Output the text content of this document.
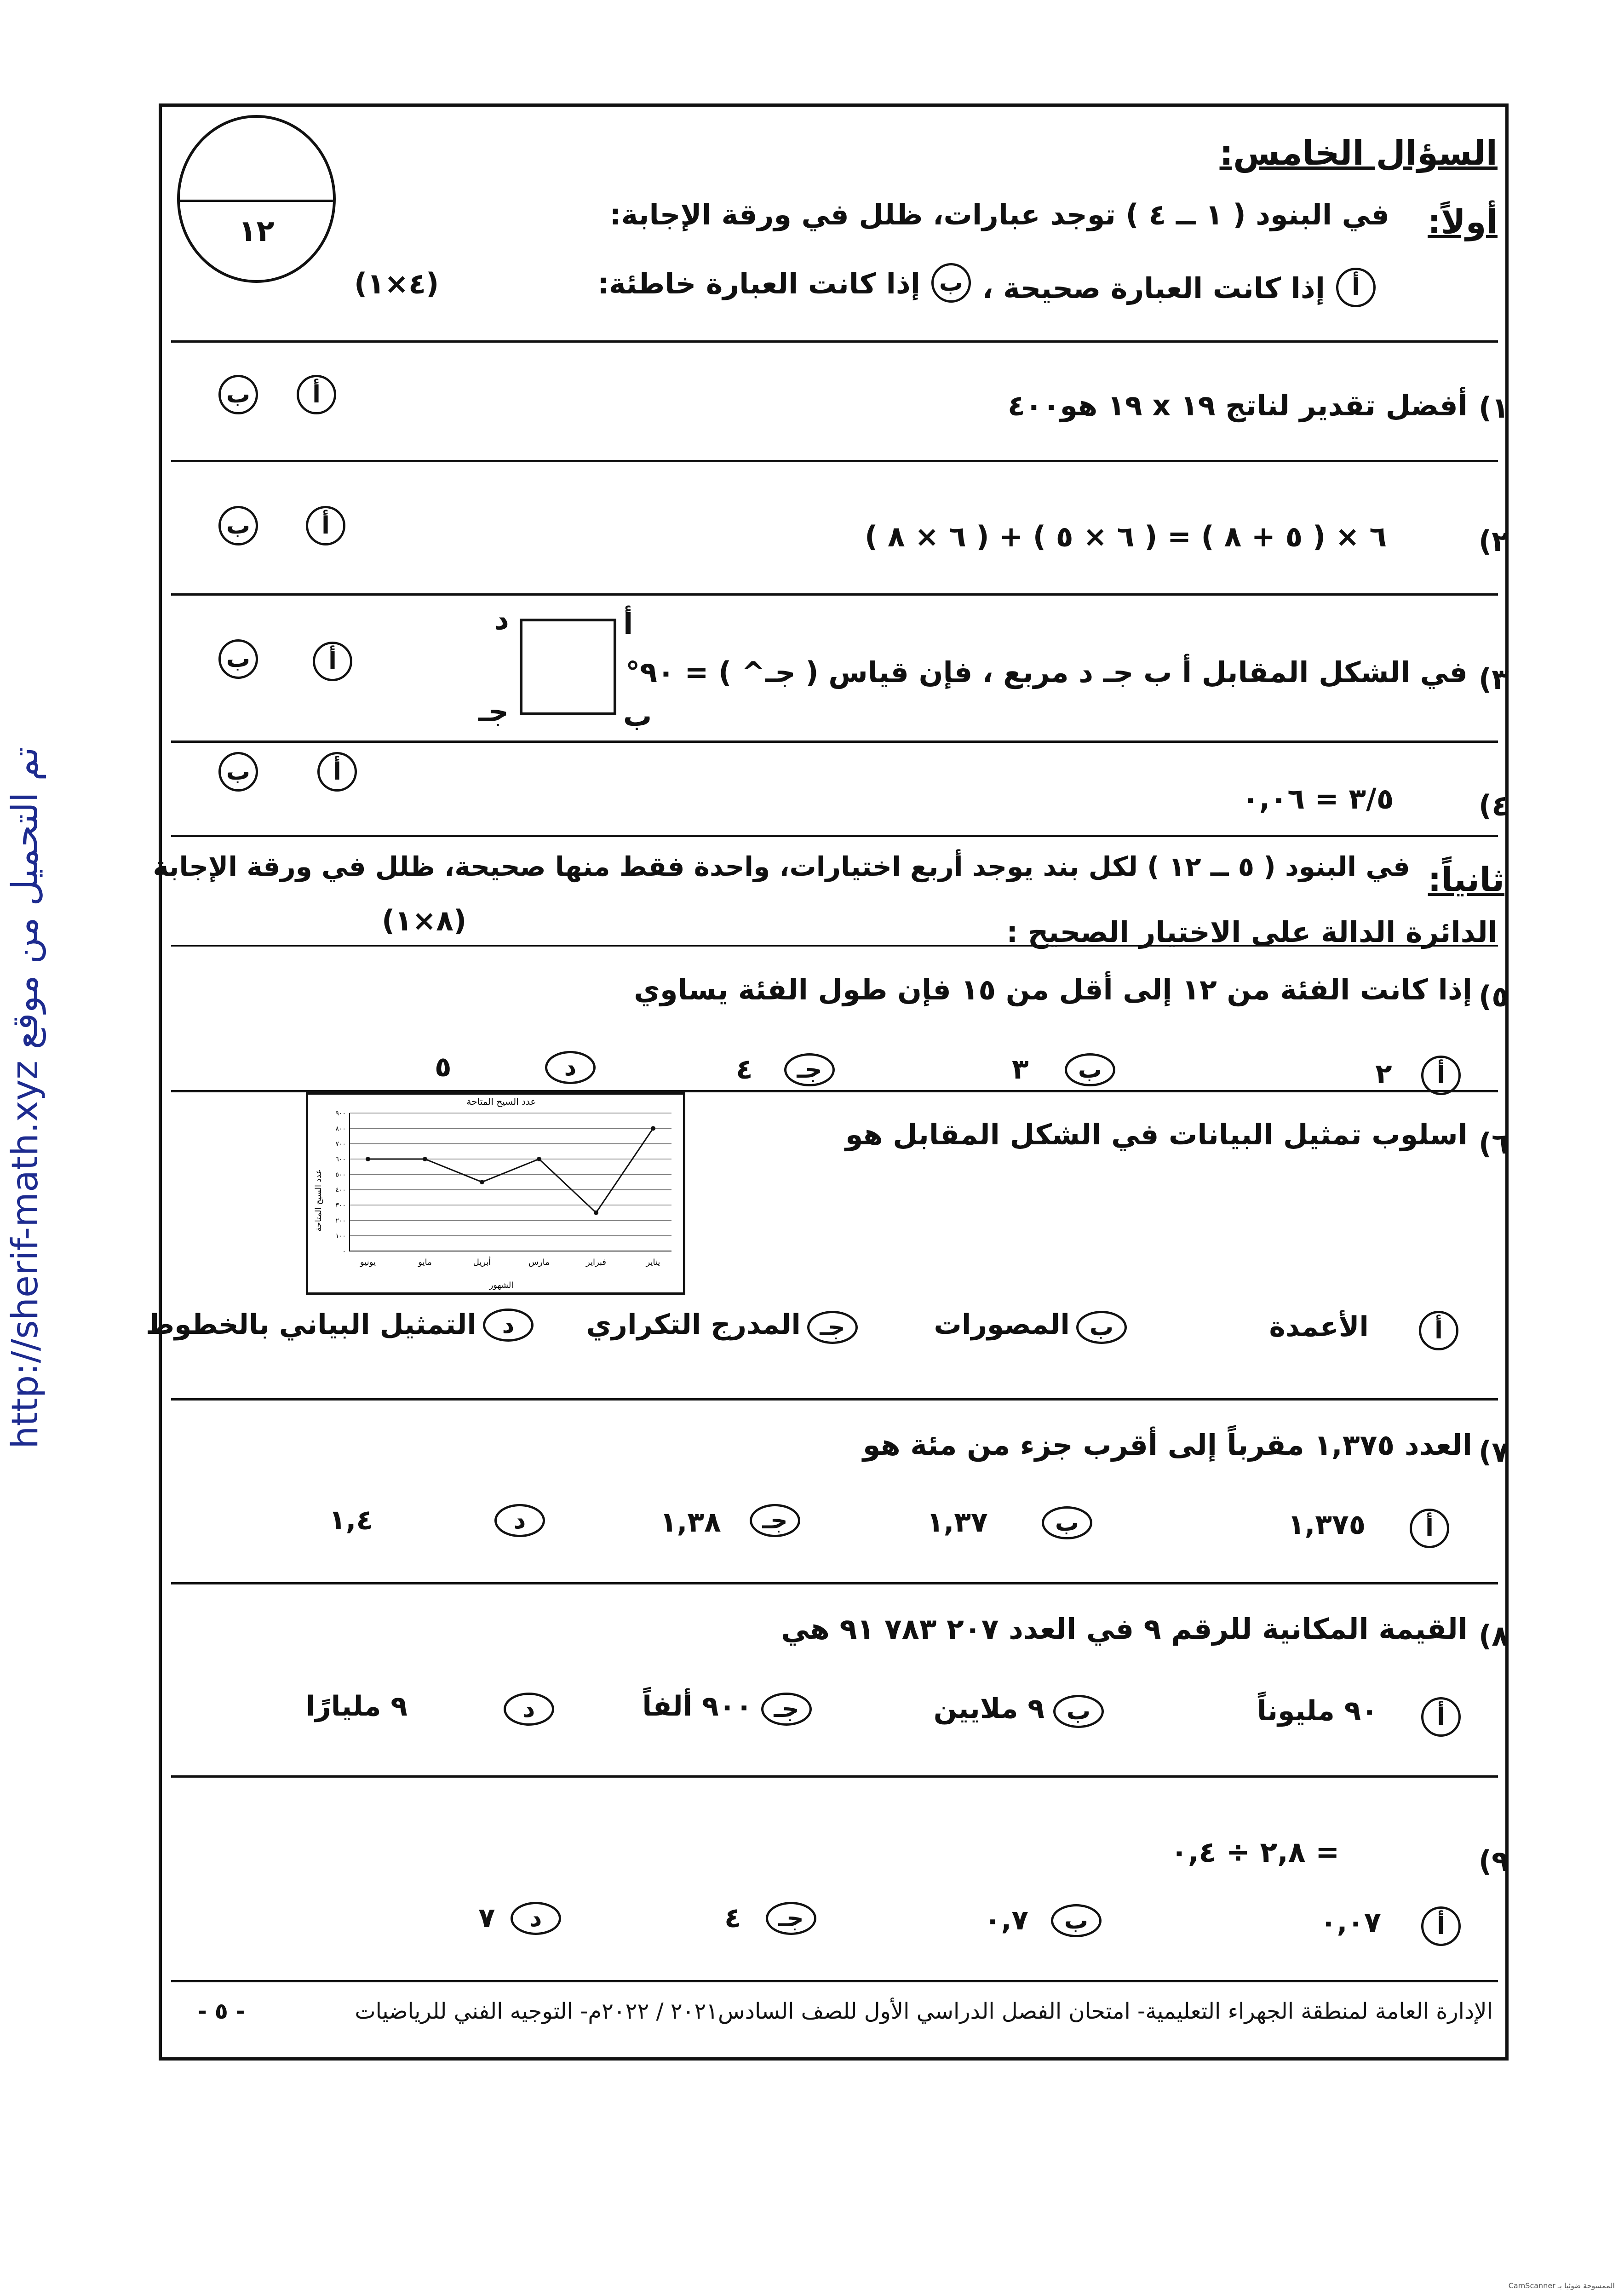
http://sherif-math.xyz تم التحميل من موقع
١٢
السؤال الخامس:
أولاً:
في البنود ( ١ ــ ٤ ) توجد عبارات، ظلل في ورقة الإجابة:
أ
إذا كانت العبارة صحيحة ،
ب
إذا كانت العبارة خاطئة:
(٤×١)
١)
أفضل تقدير لناتج ١٩ x ١٩ هو٤٠٠
أ
ب
٢)
٦ × ( ٥ + ٨ ) = ( ٦ × ٥ ) + ( ٦ × ٨ )
أ
ب
٣)
في الشكل المقابل أ ب جـ د مربع ، فإن قياس ( جـ^ ) = ٩٠°
د	أ
جـ	ب
أ
ب
٤)
٣/٥ = ٠,٠٦
أ
ب
ثانياً:
في البنود ( ٥ ــ ١٢ ) لكل بند يوجد أربع اختيارات، واحدة فقط منها صحيحة، ظلل في ورقة الإجابة
الدائرة الدالة على الاختيار الصحيح :
(٨×١)
٥)
إذا كانت الفئة من ١٢ إلى أقل من ١٥ فإن طول الفئة يساوي
أ
٢
ب
٣
جـ
٤
د
٥
٦)
اسلوب تمثيل البيانات في الشكل المقابل هو
عدد السيح المتاحة
عدد السيح المتاحة
الشهور
٩٠٠
٨٠٠
٧٠٠
٦٠٠
٥٠٠
٤٠٠
٣٠٠
٢٠٠
١٠٠
٠
يناير
فبراير
مارس
أبريل
مايو
يونيو
أ
الأعمدة
ب
المصورات
جـ
المدرج التكراري
د
التمثيل البياني بالخطوط
٧)
العدد ١,٣٧٥ مقرباً إلى أقرب جزء من مئة هو
أ
١,٣٧٥
ب
١,٣٧
جـ
١,٣٨
د
١,٤
٨)
القيمة المكانية للرقم ٩ في العدد ٢٠٧ ٧٨٣ ٩١ هي
أ
٩٠ مليوناً
ب
٩ ملايين
جـ
٩٠٠ ألفاً
د
٩ مليارًا
٩)
٢,٨ ÷ ٠,٤ =
أ
٠,٠٧
ب
٠,٧
جـ
٤
د
٧
الإدارة العامة لمنطقة الجهراء التعليمية- امتحان الفصل الدراسي الأول للصف السادس٢٠٢١ / ٢٠٢٢م- التوجيه الفني للرياضيات
- ٥ -
CamScanner الممسوحة ضوئيا بـ
